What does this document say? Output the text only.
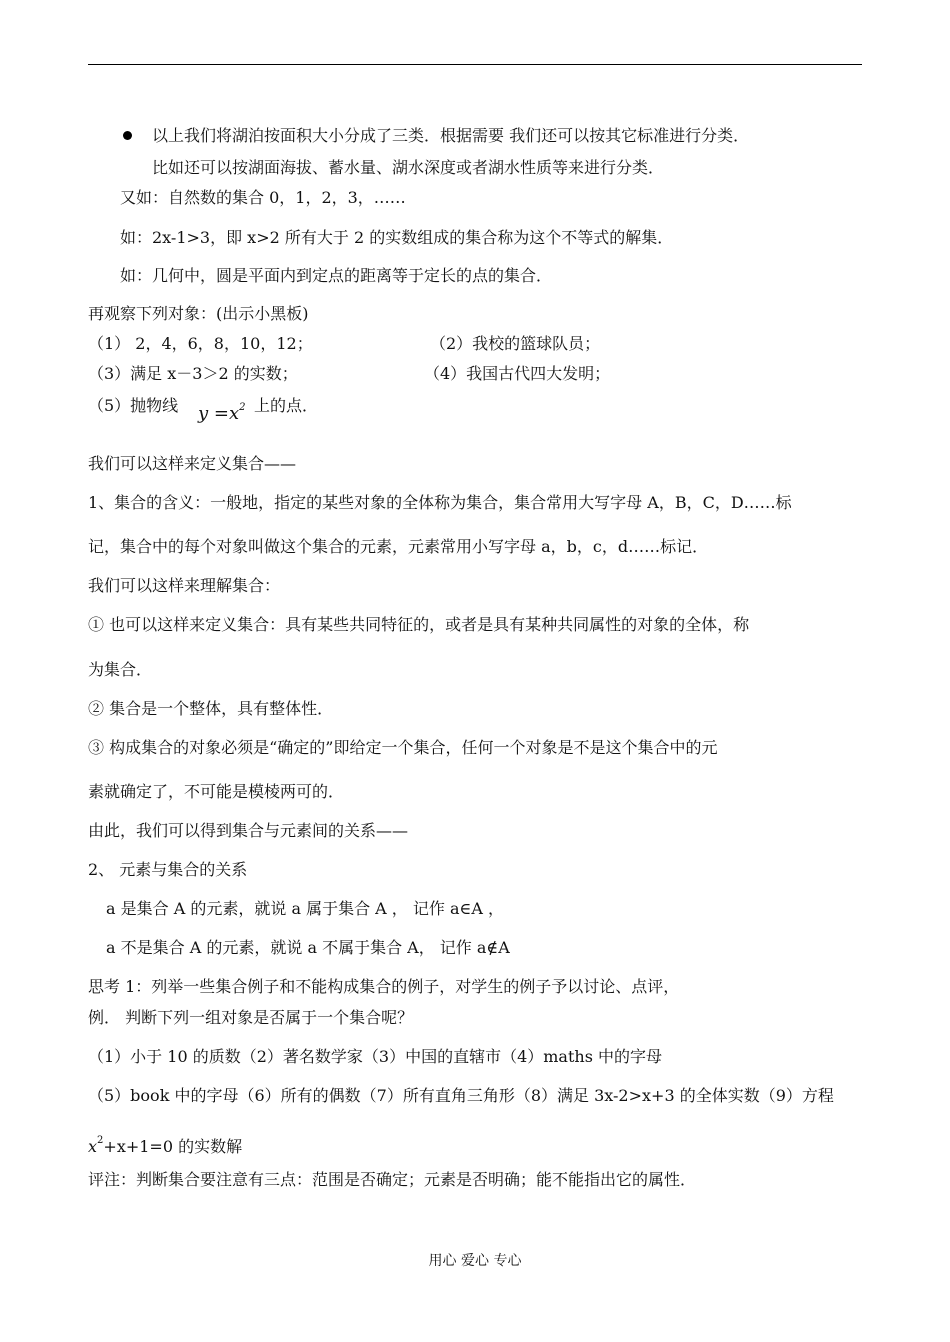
以上我们将湖泊按面积大小分成了三类．根据需要 我们还可以按其它标准进行分类．
比如还可以按湖面海拔、蓄水量、湖水深度或者湖水性质等来进行分类．
又如：自然数的集合 0，1，2，3，……
如：2x-1>3，即 x>2 所有大于 2 的实数组成的集合称为这个不等式的解集．
如：几何中，圆是平面内到定点的距离等于定长的点的集合．
再观察下列对象：(出示小黑板)
（1） 2，4，6，8，10，12；	（2）我校的篮球队员；
（3）满足 x－3＞2 的实数；	（4）我国古代四大发明；
（5）抛物线 $y =x^2$ 上的点．
我们可以这样来定义集合——
1、集合的含义：一般地，指定的某些对象的全体称为集合，集合常用大写字母 A，B，C，D……标
记，集合中的每个对象叫做这个集合的元素，元素常用小写字母 a，b，c，d……标记．
我们可以这样来理解集合：
① 也可以这样来定义集合：具有某些共同特征的，或者是具有某种共同属性的对象的全体，称
为集合．
② 集合是一个整体，具有整体性．
③ 构成集合的对象必须是“确定的”即给定一个集合，任何一个对象是不是这个集合中的元
素就确定了，不可能是模棱两可的．
由此，我们可以得到集合与元素间的关系——
2、 元素与集合的关系
a 是集合 A 的元素，就说 a 属于集合 A ， 记作 a∈A ，
a 不是集合 A 的元素，就说 a 不属于集合 A， 记作 a∉A
思考 1：列举一些集合例子和不能构成集合的例子，对学生的例子予以讨论、点评，
例． 判断下列一组对象是否属于一个集合呢？
（1）小于 10 的质数（2）著名数学家（3）中国的直辖市（4）maths 中的字母
（5）book 中的字母（6）所有的偶数（7）所有直角三角形（8）满足 3x-2>x+3 的全体实数（9）方程
$x^2+x+1=0$ 的实数解
评注：判断集合要注意有三点：范围是否确定；元素是否明确；能不能指出它的属性．
用心 爱心 专心
